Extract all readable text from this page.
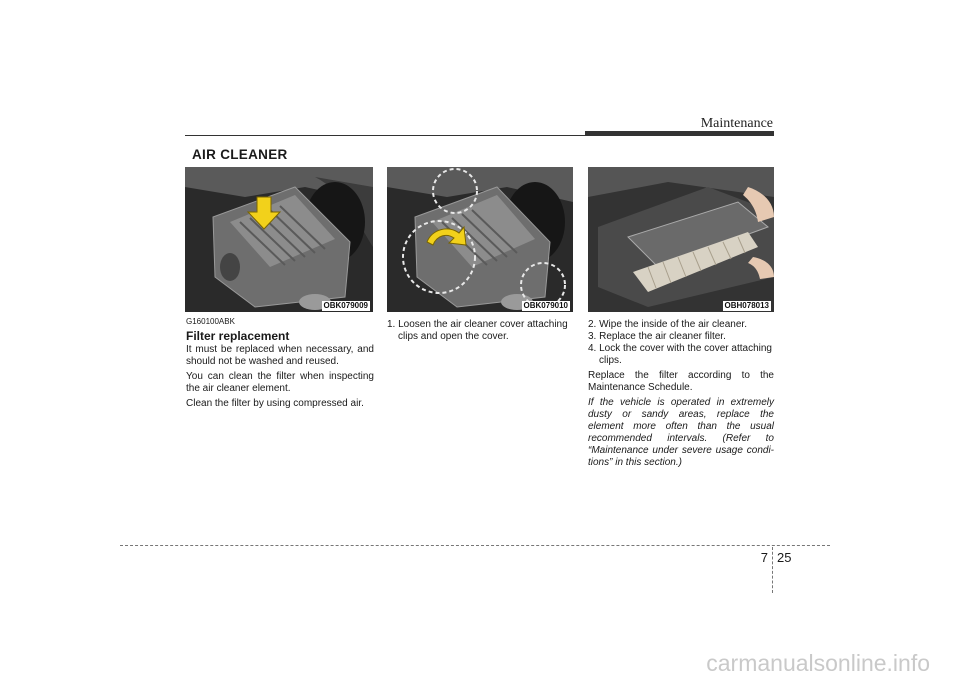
Maintenance
AIR CLEANER
OBK079009	OBK079010	OBH078013

G160100ABK

Filter replacement

It must be replaced when necessary, and should not be washed and reused.

You can clean the filter when inspecting the air cleaner element.

Clean the filter by using compressed air.

1. Loosen the air cleaner cover attaching clips and open the cover.

2. Wipe the inside of the air cleaner.

3. Replace the air cleaner filter.

4. Lock the cover with the cover attaching clips.

Replace the filter according to the Maintenance Schedule.

If the vehicle is operated in extremely dusty or sandy areas, replace the element more often than the usual recommended intervals. (Refer to “Maintenance under severe usage condi-tions” in this section.)

7 25
carmanualsonline.info
